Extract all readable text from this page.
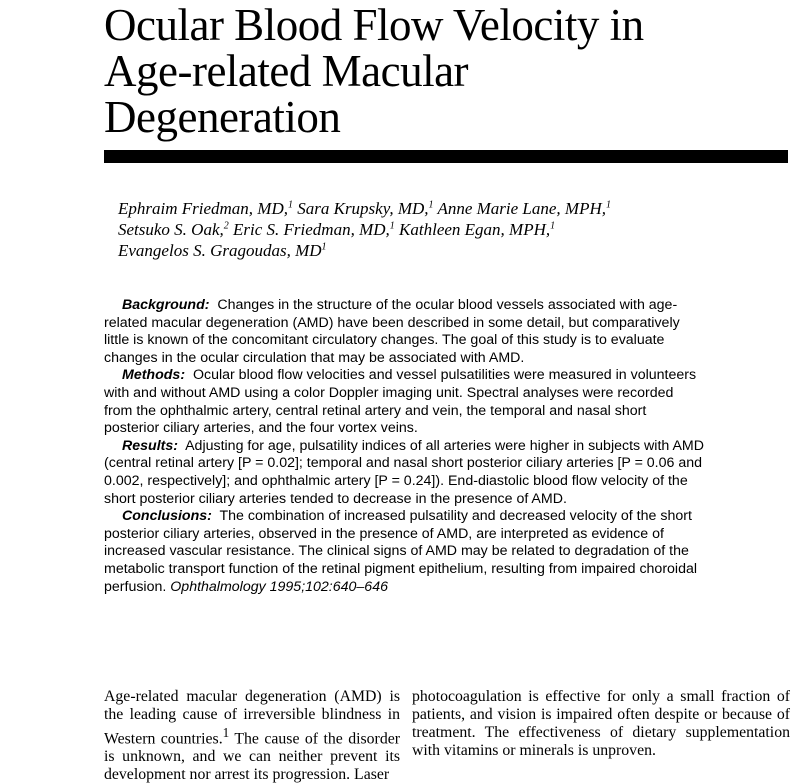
Ocular Blood Flow Velocity in
Age-related Macular
Degeneration
Ephraim Friedman, MD,$^1$ Sara Krupsky, MD,$^1$ Anne Marie Lane, MPH,$^1$
Setsuko S. Oak,$^2$ Eric S. Friedman, MD,$^1$ Kathleen Egan, MPH,$^1$
Evangelos S. Gragoudas, $MD^1$

Background: Changes in the structure of the ocular blood vessels associated with age-related macular degeneration (AMD) have been described in some detail, but comparatively little is known of the concomitant circulatory changes. The goal of this study is to evaluate changes in the ocular circulation that may be associated with AMD.

Methods: Ocular blood flow velocities and vessel pulsatilities were measured in volunteers with and without AMD using a color Doppler imaging unit. Spectral analyses were recorded from the ophthalmic artery, central retinal artery and vein, the temporal and nasal short posterior ciliary arteries, and the four vortex veins.

Results: Adjusting for age, pulsatility indices of all arteries were higher in subjects with AMD (central retinal artery [P = 0.02]; temporal and nasal short posterior ciliary arteries [P = 0.06 and 0.002, respectively]; and ophthalmic artery [P = 0.24]). End-diastolic blood flow velocity of the short posterior ciliary arteries tended to decrease in the presence of AMD.

Conclusions: The combination of increased pulsatility and decreased velocity of the short posterior ciliary arteries, observed in the presence of AMD, are interpreted as evidence of increased vascular resistance. The clinical signs of AMD may be related to degradation of the metabolic transport function of the retinal pigment epithelium, resulting from impaired choroidal perfusion. Ophthalmology 1995;102:640–646

Age-related macular degeneration (AMD) is the leading cause of irreversible blindness in Western countries.$^1$ The cause of the disorder is unknown, and we can neither prevent its development nor arrest its progression. Laser

photocoagulation is effective for only a small fraction of patients, and vision is impaired often despite or because of treatment. The effectiveness of dietary supplementation with vitamins or minerals is unproven.
